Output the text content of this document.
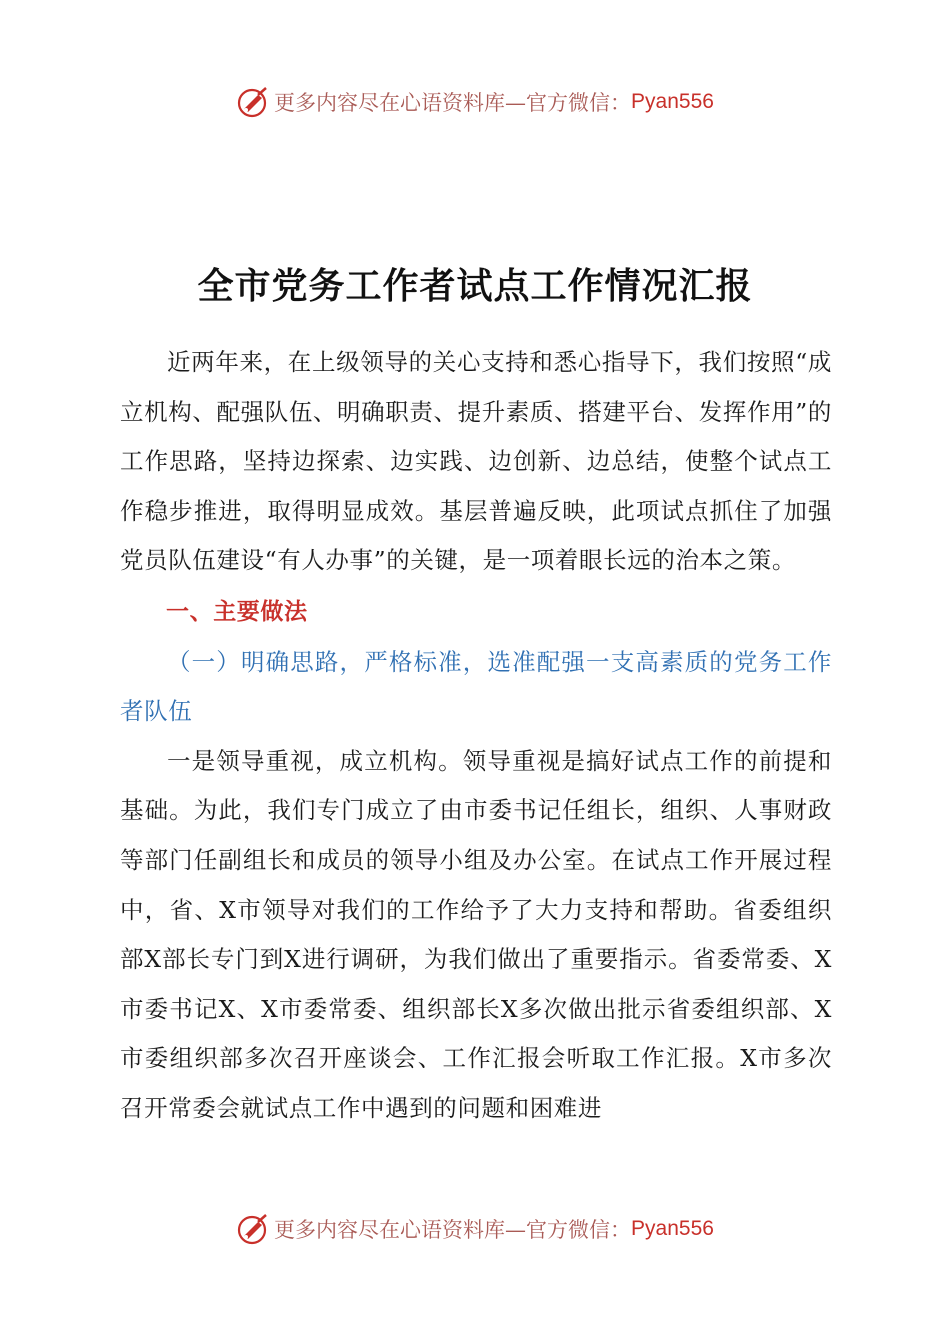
更多内容尽在心语资料库—官方微信： Pyan556
全市党务工作者试点工作情况汇报

近两年来，在上级领导的关心支持和悉心指导下，我们按照“成立机构、配强队伍、明确职责、提升素质、搭建平台、发挥作用”的工作思路，坚持边探索、边实践、边创新、边总结，使整个试点工作稳步推进，取得明显成效。基层普遍反映，此项试点抓住了加强党员队伍建设“有人办事”的关键，是一项着眼长远的治本之策。

一、主要做法

（一）明确思路，严格标准，选准配强一支高素质的党务工作者队伍

一是领导重视，成立机构。领导重视是搞好试点工作的前提和基础。为此，我们专门成立了由市委书记任组长，组织、人事财政等部门任副组长和成员的领导小组及办公室。在试点工作开展过程中，省、X市领导对我们的工作给予了大力支持和帮助。省委组织部X部长专门到X进行调研，为我们做出了重要指示。省委常委、X市委书记X、X市委常委、组织部长X多次做出批示省委组织部、X市委组织部多次召开座谈会、工作汇报会听取工作汇报。X市多次召开常委会就试点工作中遇到的问题和困难进

更多内容尽在心语资料库—官方微信： Pyan556
